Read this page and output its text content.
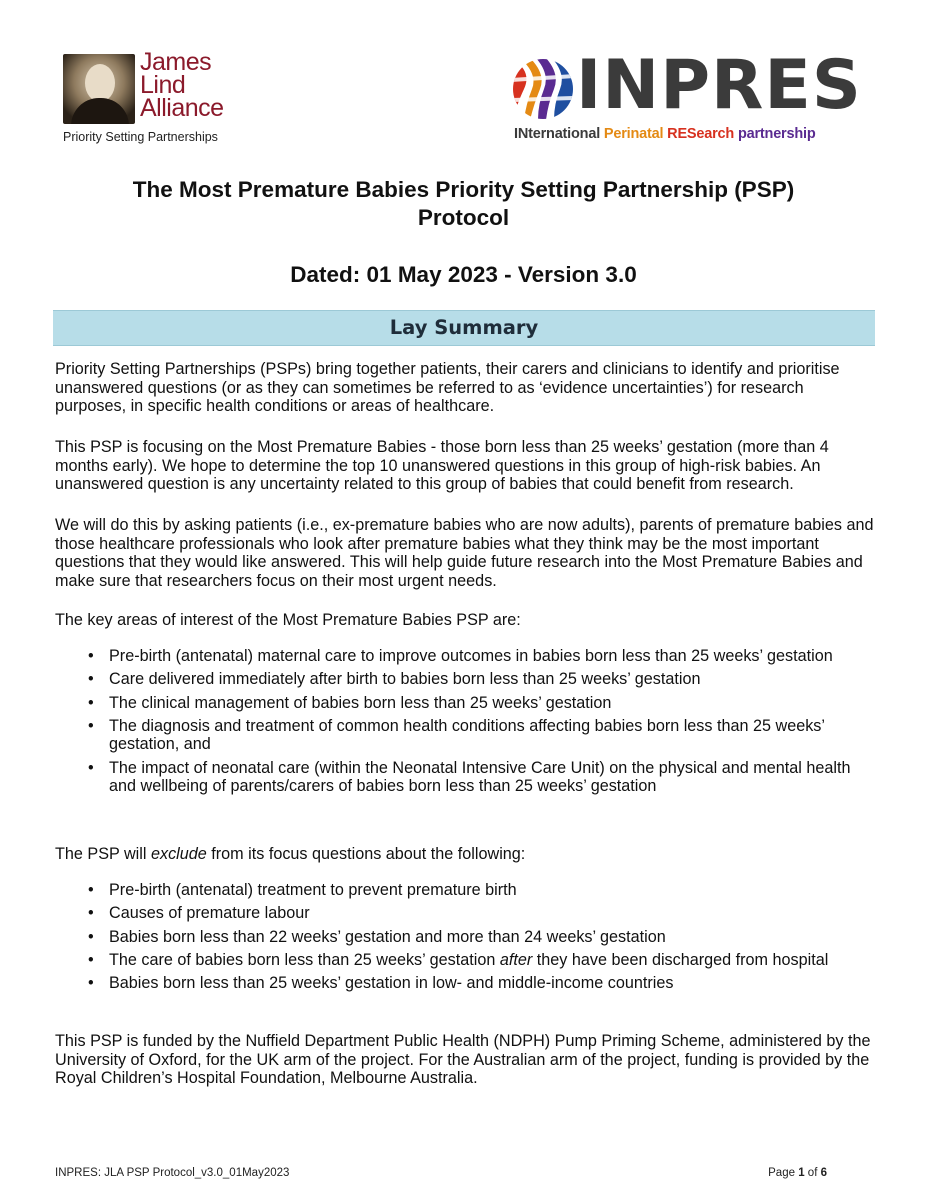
James
Lind
Alliance
Priority Setting Partnerships
INPRES
INternational Perinatal RESearch partnership
The Most Premature Babies Priority Setting Partnership (PSP)
Protocol
Dated: 01 May 2023 - Version 3.0
Lay Summary

Priority Setting Partnerships (PSPs) bring together patients, their carers and clinicians to identify and prioritise unanswered questions (or as they can sometimes be referred to as ‘evidence uncertainties’) for research purposes, in specific health conditions or areas of healthcare.

This PSP is focusing on the Most Premature Babies - those born less than 25 weeks’ gestation (more than 4 months early). We hope to determine the top 10 unanswered questions in this group of high-risk babies. An unanswered question is any uncertainty related to this group of babies that could benefit from research.

We will do this by asking patients (i.e., ex-premature babies who are now adults), parents of premature babies and those healthcare professionals who look after premature babies what they think may be the most important questions that they would like answered. This will help guide future research into the Most Premature Babies and make sure that researchers focus on their most urgent needs.

The key areas of interest of the Most Premature Babies PSP are:

• Pre-birth (antenatal) maternal care to improve outcomes in babies born less than 25 weeks’ gestation
• Care delivered immediately after birth to babies born less than 25 weeks’ gestation
• The clinical management of babies born less than 25 weeks’ gestation
• The diagnosis and treatment of common health conditions affecting babies born less than 25 weeks’ gestation, and
• The impact of neonatal care (within the Neonatal Intensive Care Unit) on the physical and mental health and wellbeing of parents/carers of babies born less than 25 weeks’ gestation

The PSP will exclude from its focus questions about the following:

• Pre-birth (antenatal) treatment to prevent premature birth
• Causes of premature labour
• Babies born less than 22 weeks’ gestation and more than 24 weeks’ gestation
• The care of babies born less than 25 weeks’ gestation after they have been discharged from hospital
• Babies born less than 25 weeks’ gestation in low- and middle-income countries

This PSP is funded by the Nuffield Department Public Health (NDPH) Pump Priming Scheme, administered by the University of Oxford, for the UK arm of the project. For the Australian arm of the project, funding is provided by the Royal Children’s Hospital Foundation, Melbourne Australia.

INPRES: JLA PSP Protocol_v3.0_01May2023	Page 1 of 6
